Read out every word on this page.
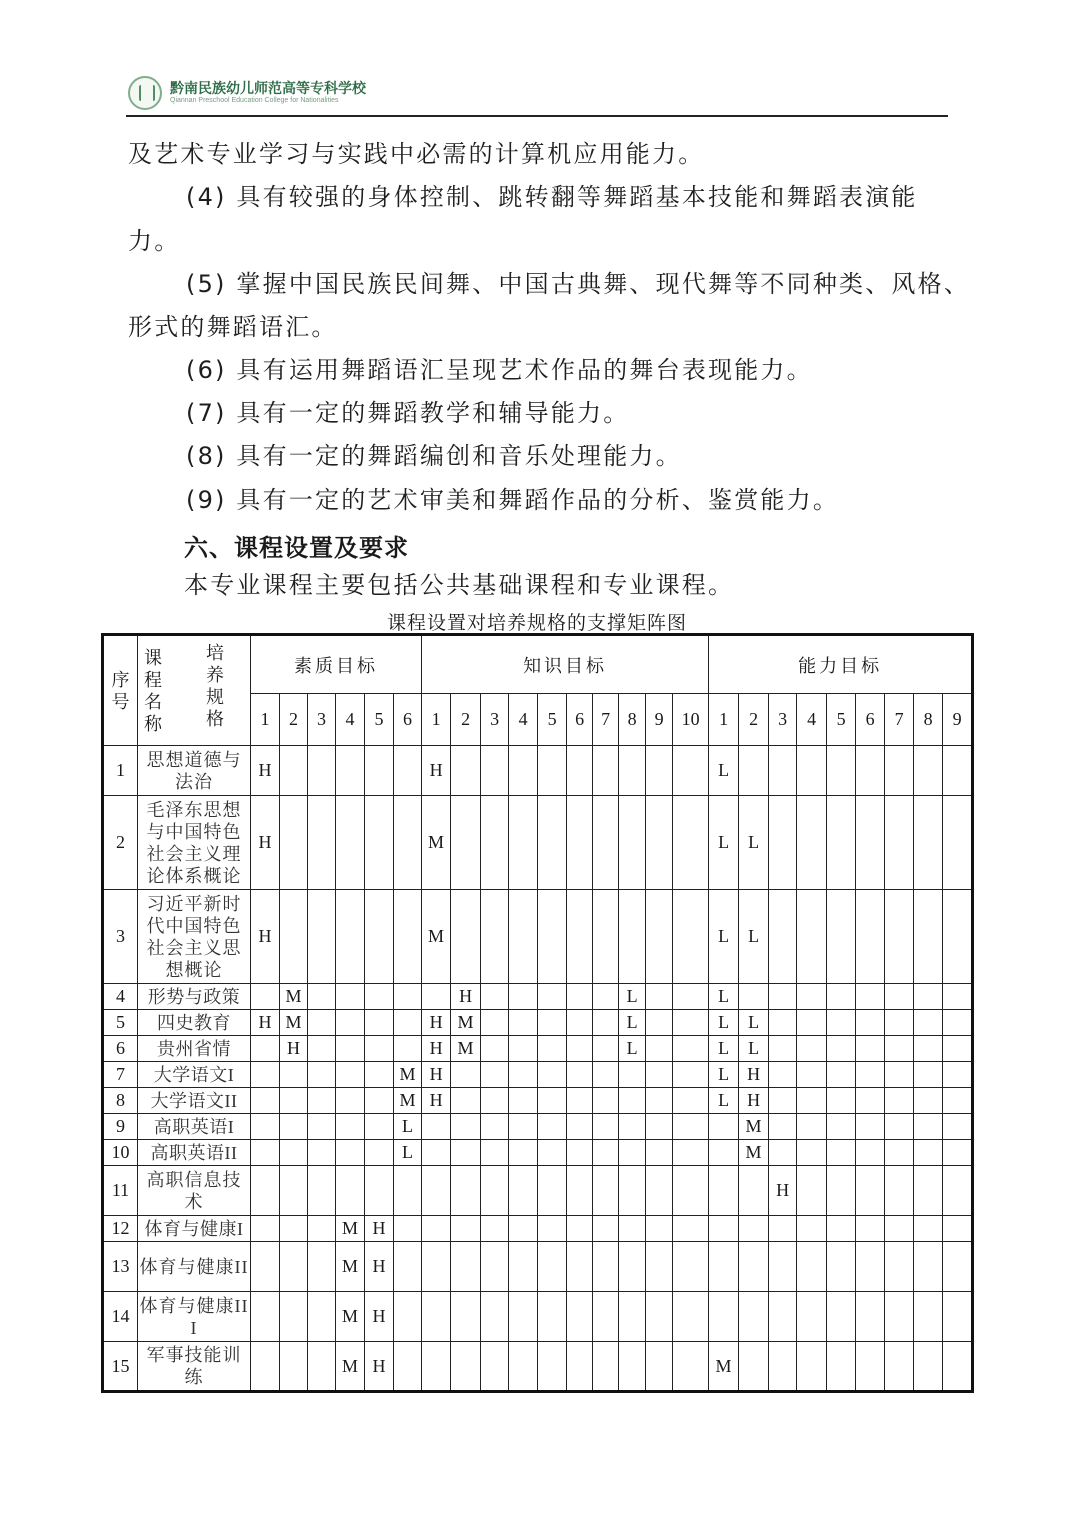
黔南民族幼儿师范高等专科学校
Qiannan Preschool Education College for Nationalities
及艺术专业学习与实践中必需的计算机应用能力。
(4) 具有较强的身体控制、跳转翻等舞蹈基本技能和舞蹈表演能
力。
(5) 掌握中国民族民间舞、中国古典舞、现代舞等不同种类、风格、
形式的舞蹈语汇。
(6) 具有运用舞蹈语汇呈现艺术作品的舞台表现能力。
(7) 具有一定的舞蹈教学和辅导能力。
(8) 具有一定的舞蹈编创和音乐处理能力。
(9) 具有一定的艺术审美和舞蹈作品的分析、鉴赏能力。
六、课程设置及要求
本专业课程主要包括公共基础课程和专业课程。
课程设置对培养规格的支撑矩阵图
序号	培养规格
课程名称	素质目标						知识目标										能力目标								
		1	2	3	4	5	6	1	2	3	4	5	6	7	8	9	10	1	2	3	4	5	6	7	8	9
1	思想道德与法治	H						H										L								
2	毛泽东思想与中国特色社会主义理论体系概论	H						M										L	L							
3	习近平新时代中国特色社会主义思想概论	H						M										L	L							
4	形势与政策		M						H						L			L								
5	四史教育	H	M					H	M						L			L	L							
6	贵州省情		H					H	M						L			L	L							
7	大学语文I						M	H										L	H							
8	大学语文II						M	H										L	H							
9	高职英语I						L												M							
10	高职英语II						L												M							
11	高职信息技术																			H						
12	体育与健康I				M	H																				
13	体育与健康II				M	H																				
14	体育与健康III				M	H																				
15	军事技能训练				M	H												M								
